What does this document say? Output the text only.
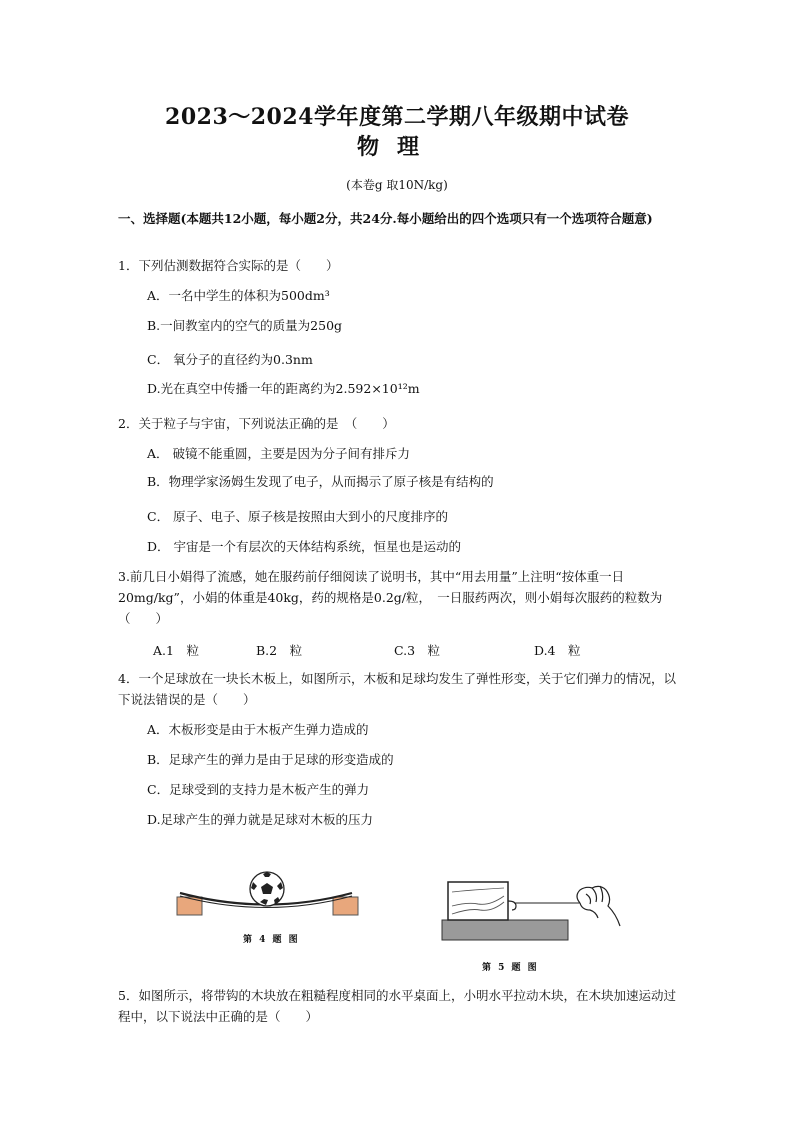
2023～2024学年度第二学期八年级期中试卷
物理
(本卷g 取10N/kg)
一、选择题(本题共12小题，每小题2分，共24分.每小题给出的四个选项只有一个选项符合题意)
1．下列估测数据符合实际的是（　　）
A．一名中学生的体积为500dm³
B.一间教室内的空气的质量为250g
C． 氧分子的直径约为0.3nm
D.光在真空中传播一年的距离约为2.592×10¹²m
2．关于粒子与宇宙，下列说法正确的是　（　　）
A． 破镜不能重圆，主要是因为分子间有排斥力
B．物理学家汤姆生发现了电子，从而揭示了原子核是有结构的
C． 原子、电子、原子核是按照由大到小的尺度排序的
D． 宇宙是一个有层次的天体结构系统，恒星也是运动的
3.前几日小娟得了流感，她在服药前仔细阅读了说明书，其中“用去用量”上注明“按体重一日20mg/kg”，小娟的体重是40kg，药的规格是0.2g/粒，　一日服药两次，则小娟每次服药的粒数为（　　）
A.1　粒	B.2　粒	C.3　粒	D.4　粒
4．一个足球放在一块长木板上，如图所示，木板和足球均发生了弹性形变，关于它们弹力的情况，以下说法错误的是（　　）
A．木板形变是由于木板产生弹力造成的
B．足球产生的弹力是由于足球的形变造成的
C．足球受到的支持力是木板产生的弹力
D.足球产生的弹力就是足球对木板的压力
第 4 题 图
第 5 题 图
5．如图所示，将带钩的木块放在粗糙程度相同的水平桌面上，小明水平拉动木块，在木块加速运动过程中，以下说法中正确的是（　　）
